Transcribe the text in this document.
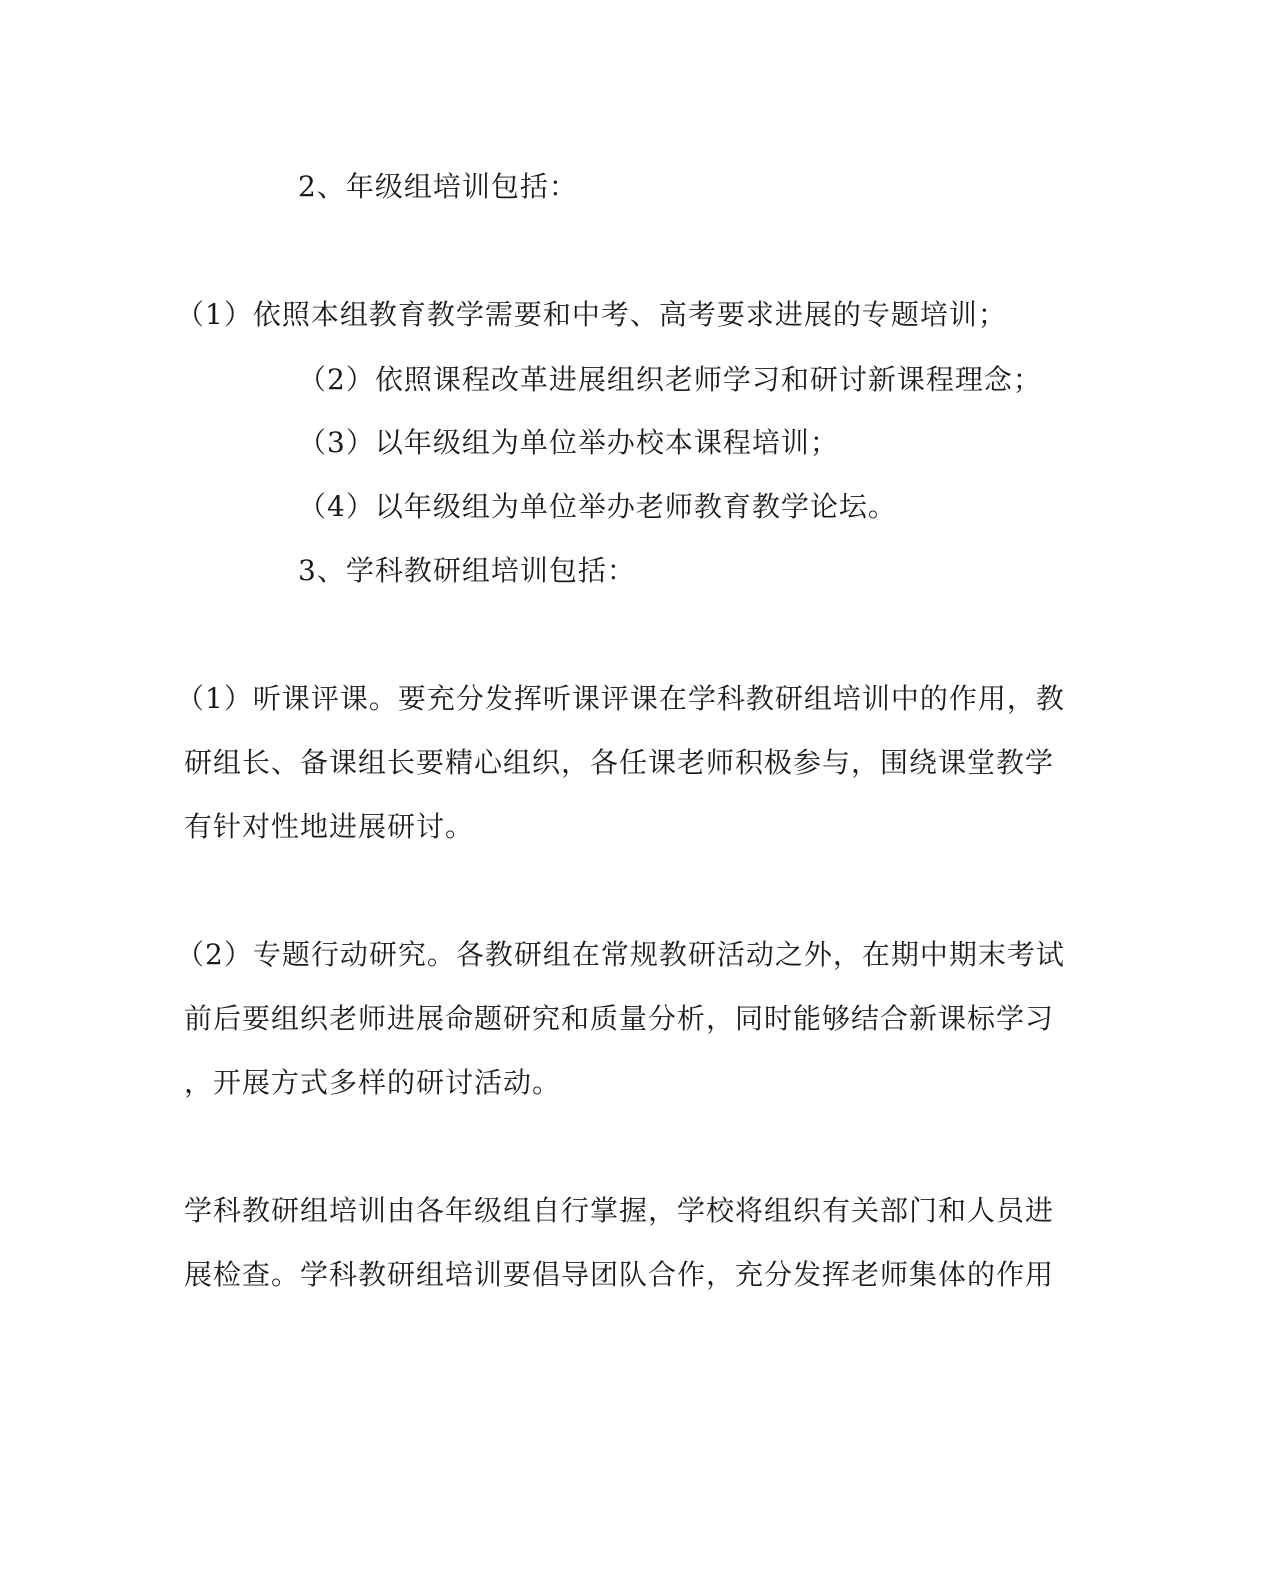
2、年级组培训包括：
（1）依照本组教育教学需要和中考、高考要求进展的专题培训；
（2）依照课程改革进展组织老师学习和研讨新课程理念；
（3）以年级组为单位举办校本课程培训；
（4）以年级组为单位举办老师教育教学论坛。
3、学科教研组培训包括：
（1）听课评课。要充分发挥听课评课在学科教研组培训中的作用，教
研组长、备课组长要精心组织，各任课老师积极参与，围绕课堂教学
有针对性地进展研讨。
（2）专题行动研究。各教研组在常规教研活动之外，在期中期末考试
前后要组织老师进展命题研究和质量分析，同时能够结合新课标学习
，开展方式多样的研讨活动。
学科教研组培训由各年级组自行掌握，学校将组织有关部门和人员进
展检查。学科教研组培训要倡导团队合作，充分发挥老师集体的作用
